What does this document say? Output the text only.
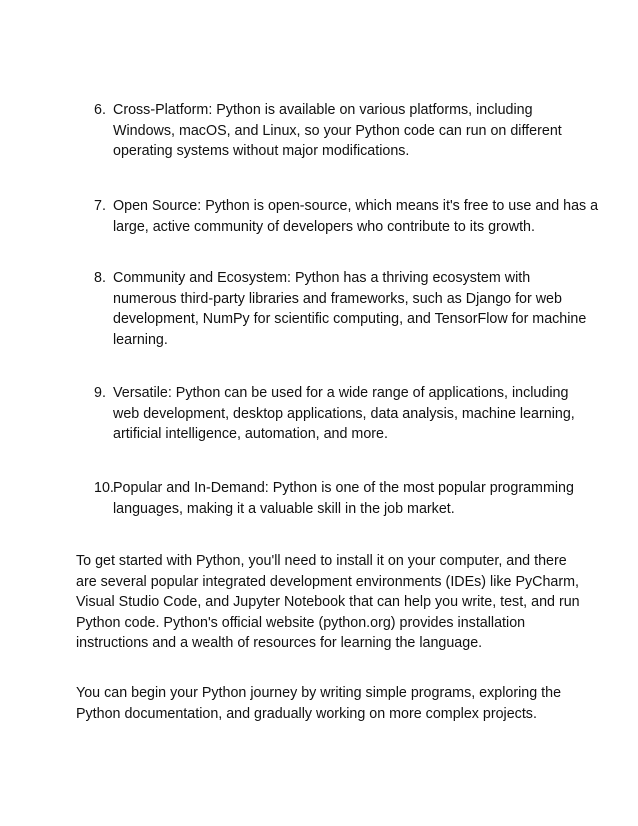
6. Cross-Platform: Python is available on various platforms, including
Windows, macOS, and Linux, so your Python code can run on different
operating systems without major modifications.
7. Open Source: Python is open-source, which means it's free to use and has a
large, active community of developers who contribute to its growth.
8. Community and Ecosystem: Python has a thriving ecosystem with
numerous third-party libraries and frameworks, such as Django for web
development, NumPy for scientific computing, and TensorFlow for machine
learning.
9. Versatile: Python can be used for a wide range of applications, including
web development, desktop applications, data analysis, machine learning,
artificial intelligence, automation, and more.
10. Popular and In-Demand: Python is one of the most popular programming
languages, making it a valuable skill in the job market.
To get started with Python, you'll need to install it on your computer, and there
are several popular integrated development environments (IDEs) like PyCharm,
Visual Studio Code, and Jupyter Notebook that can help you write, test, and run
Python code. Python's official website (python.org) provides installation
instructions and a wealth of resources for learning the language.
You can begin your Python journey by writing simple programs, exploring the
Python documentation, and gradually working on more complex projects.
